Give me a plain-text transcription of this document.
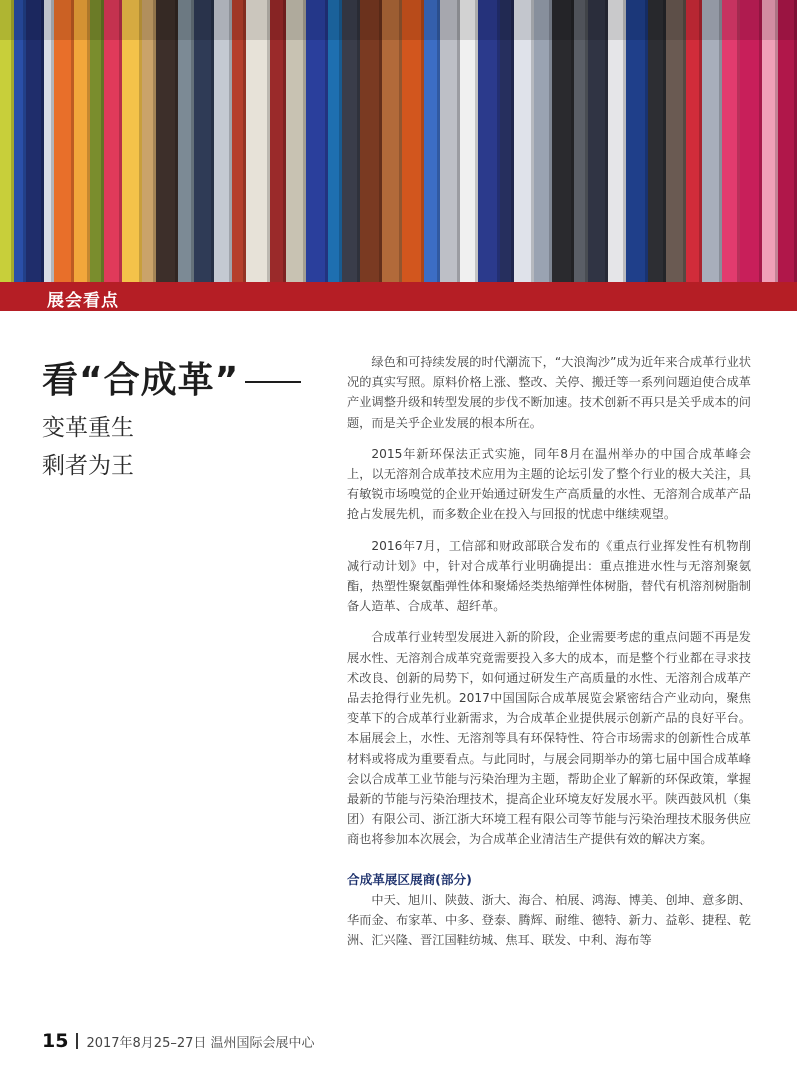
展会看点
看“合成革”
变革重生
剩者为王

绿色和可持续发展的时代潮流下，“大浪淘沙”成为近年来合成革行业状况的真实写照。原料价格上涨、整改、关停、搬迁等一系列问题迫使合成革产业调整升级和转型发展的步伐不断加速。技术创新不再只是关乎成本的问题，而是关乎企业发展的根本所在。

2015年新环保法正式实施，同年8月在温州举办的中国合成革峰会上，以无溶剂合成革技术应用为主题的论坛引发了整个行业的极大关注，具有敏锐市场嗅觉的企业开始通过研发生产高质量的水性、无溶剂合成革产品抢占发展先机，而多数企业在投入与回报的忧虑中继续观望。

2016年7月，工信部和财政部联合发布的《重点行业挥发性有机物削减行动计划》中，针对合成革行业明确提出：重点推进水性与无溶剂聚氨酯，热塑性聚氨酯弹性体和聚烯烃类热缩弹性体树脂，替代有机溶剂树脂制备人造革、合成革、超纤革。

合成革行业转型发展进入新的阶段，企业需要考虑的重点问题不再是发展水性、无溶剂合成革究竟需要投入多大的成本，而是整个行业都在寻求技术改良、创新的局势下，如何通过研发生产高质量的水性、无溶剂合成革产品去抢得行业先机。2017中国国际合成革展览会紧密结合产业动向，聚焦变革下的合成革行业新需求，为合成革企业提供展示创新产品的良好平台。本届展会上，水性、无溶剂等具有环保特性、符合市场需求的创新性合成革材料或将成为重要看点。与此同时，与展会同期举办的第七届中国合成革峰会以合成革工业节能与污染治理为主题，帮助企业了解新的环保政策，掌握最新的节能与污染治理技术，提高企业环境友好发展水平。陕西鼓风机（集团）有限公司、浙江浙大环境工程有限公司等节能与污染治理技术服务供应商也将参加本次展会，为合成革企业清洁生产提供有效的解决方案。

合成革展区展商(部分)

中天、旭川、陕鼓、浙大、海合、柏展、鸿海、博美、创坤、意多朗、华而金、布家革、中多、登泰、腾辉、耐维、德特、新力、益彰、捷程、乾洲、汇兴隆、晋江国鞋纺城、焦耳、联发、中利、海布等

15 2017年8月25–27日 温州国际会展中心
